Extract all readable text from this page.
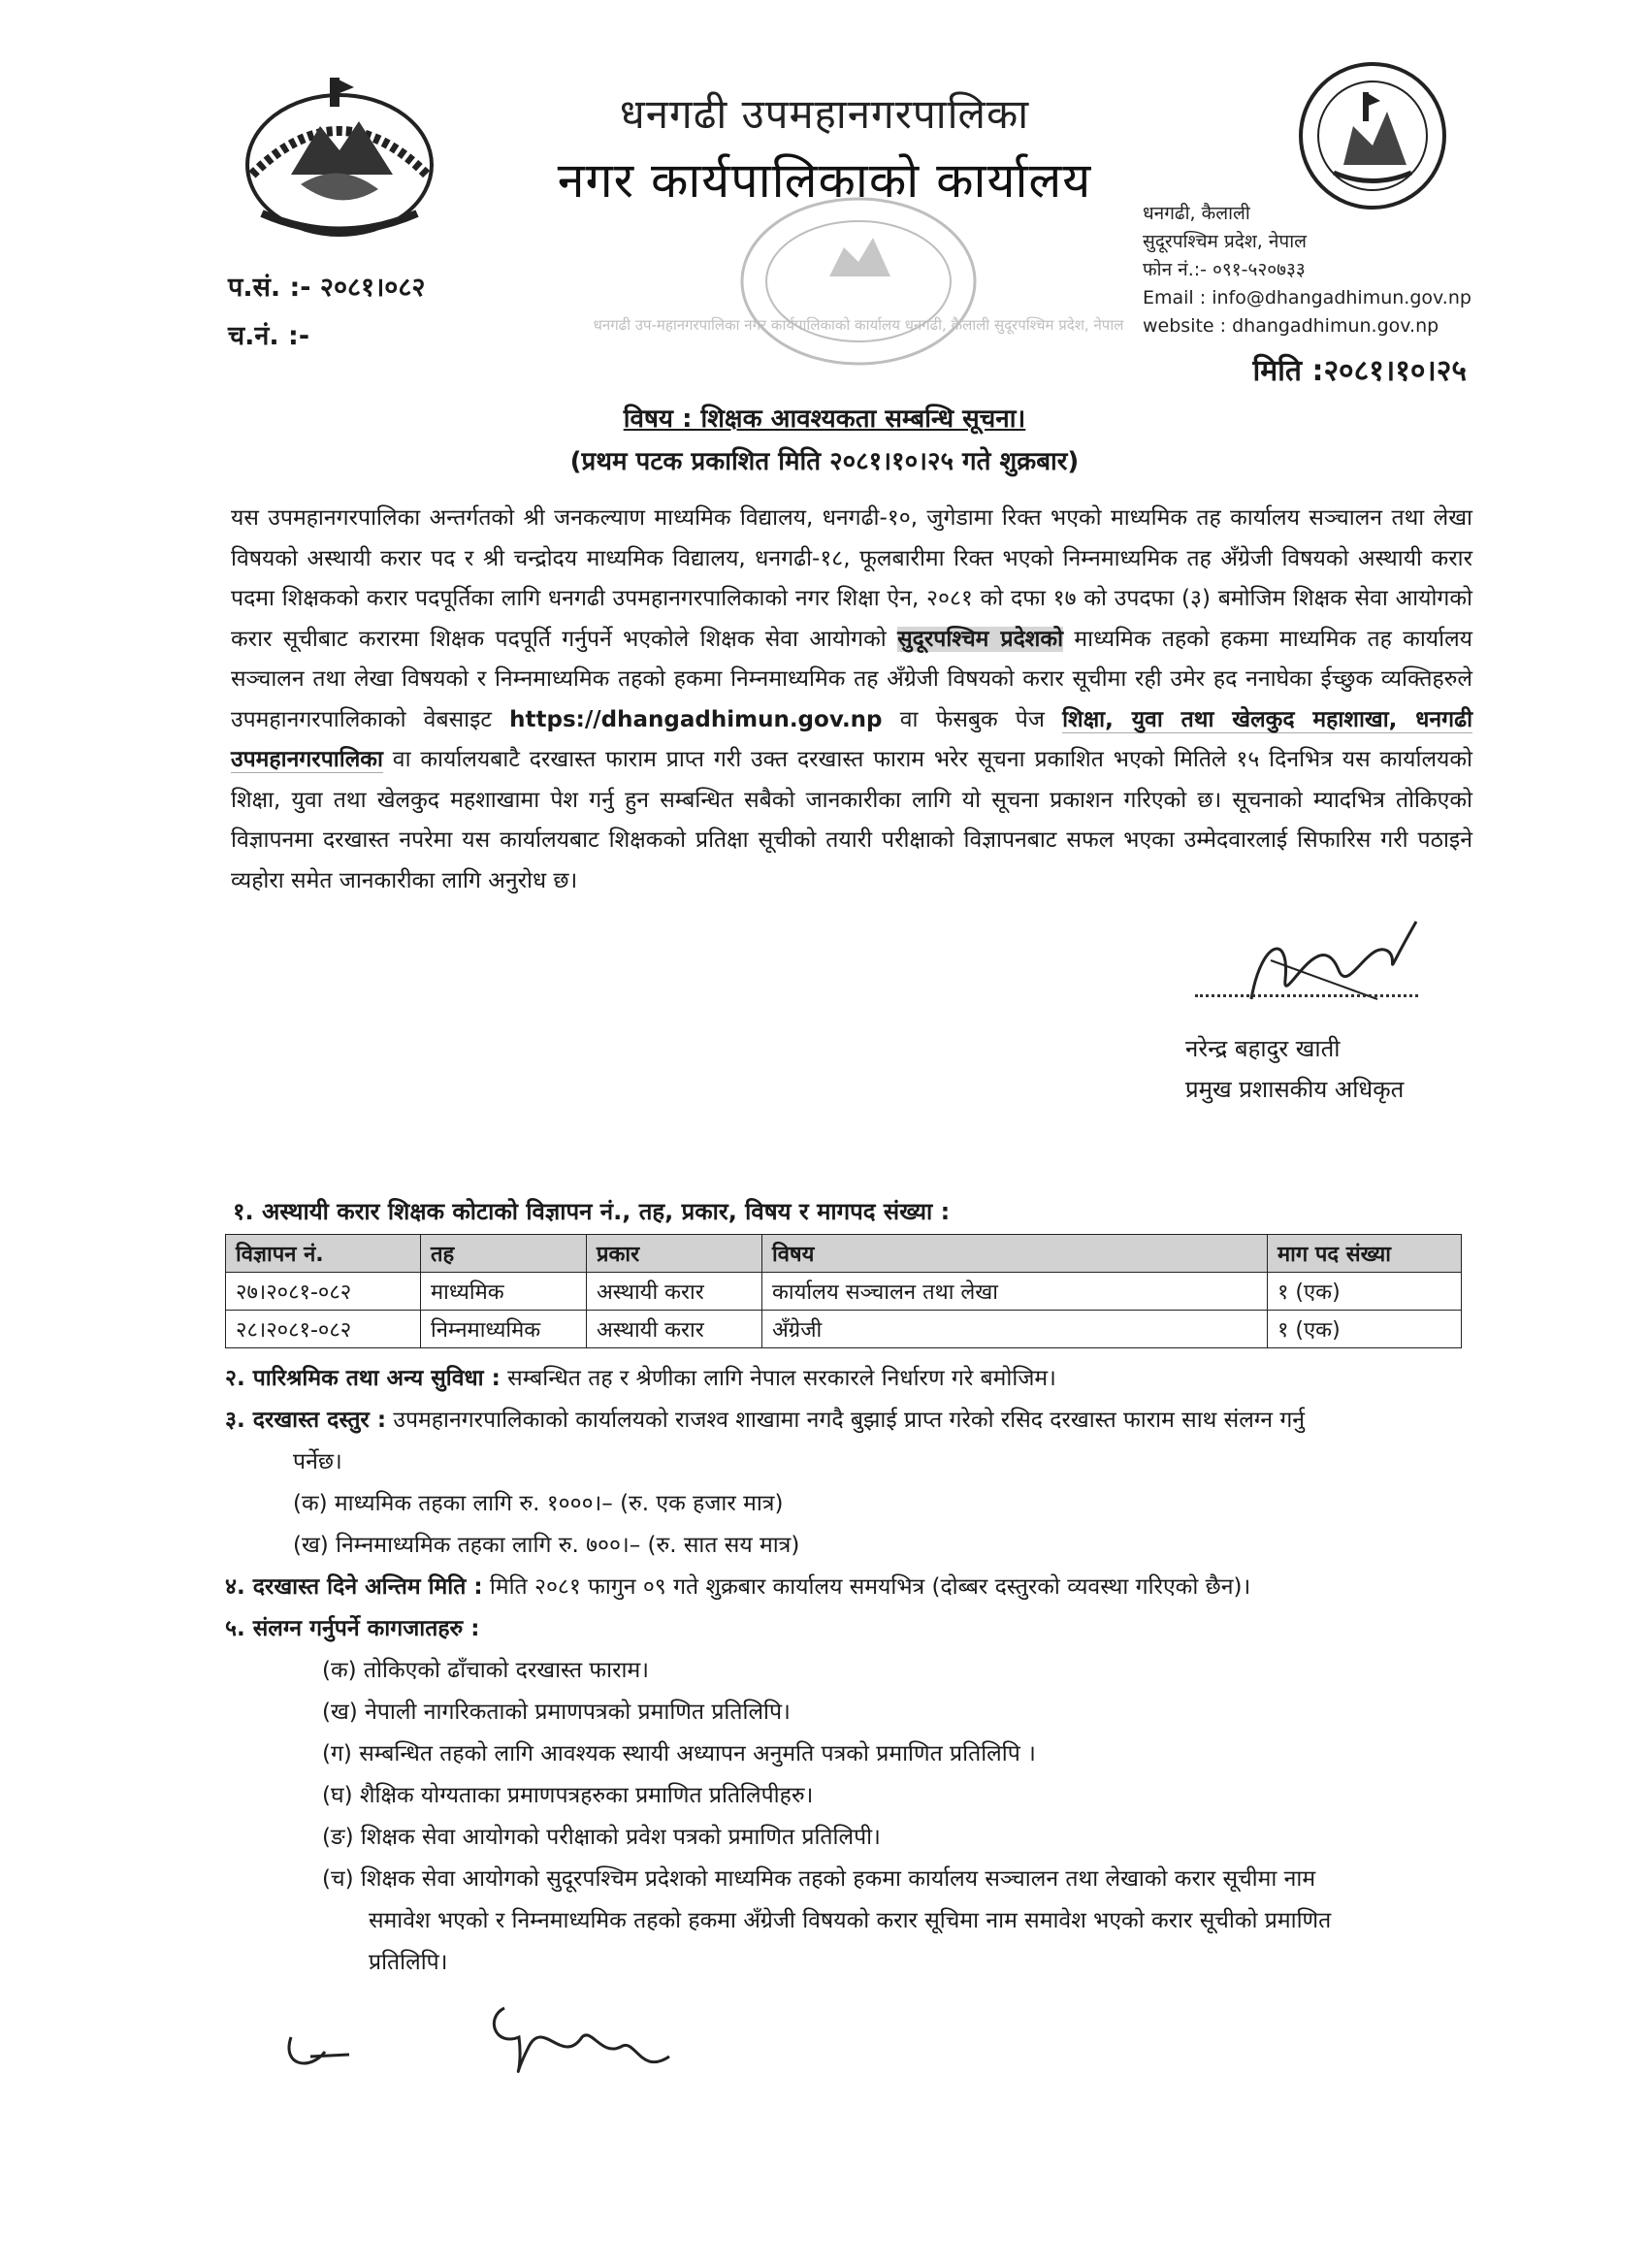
धनगढी उपमहानगरपालिका
नगर कार्यपालिकाको कार्यालय
धनगढी, कैलाली
सुदूरपश्चिम प्रदेश, नेपाल
फोन नं.:- ०९१-५२०७३३
Email : info@dhangadhimun.gov.np
website : dhangadhimun.gov.np
प.सं. :- २०८१।०८२
च.नं. :-	धनगढी उप-महानगरपालिका नगर कार्यपालिकाको कार्यालय धनगढी, कैलाली सुदूरपश्चिम प्रदेश, नेपाल
मिति :२०८१।१०।२५
विषय : शिक्षक आवश्यकता सम्बन्धि सूचना।
(प्रथम पटक प्रकाशित मिति २०८१।१०।२५ गते शुक्रबार)
यस उपमहानगरपालिका अन्तर्गतको श्री जनकल्याण माध्यमिक विद्यालय, धनगढी-१०, जुगेडामा रिक्त भएको माध्यमिक तह कार्यालय सञ्चालन तथा लेखा विषयको अस्थायी करार पद र श्री चन्द्रोदय माध्यमिक विद्यालय, धनगढी-१८, फूलबारीमा रिक्त भएको निम्नमाध्यमिक तह अँग्रेजी विषयको अस्थायी करार पदमा शिक्षकको करार पदपूर्तिका लागि धनगढी उपमहानगरपालिकाको नगर शिक्षा ऐन, २०८१ को दफा १७ को उपदफा (३) बमोजिम शिक्षक सेवा आयोगको करार सूचीबाट करारमा शिक्षक पदपूर्ति गर्नुपर्ने भएकोले शिक्षक सेवा आयोगको सुदूरपश्चिम प्रदेशको माध्यमिक तहको हकमा माध्यमिक तह कार्यालय सञ्चालन तथा लेखा विषयको र निम्नमाध्यमिक तहको हकमा निम्नमाध्यमिक तह अँग्रेजी विषयको करार सूचीमा रही उमेर हद ननाघेका ईच्छुक व्यक्तिहरुले उपमहानगरपालिकाको वेबसाइट https://dhangadhimun.gov.np वा फेसबुक पेज शिक्षा, युवा तथा खेलकुद महाशाखा, धनगढी उपमहानगरपालिका वा कार्यालयबाटै दरखास्त फाराम प्राप्त गरी उक्त दरखास्त फाराम भरेर सूचना प्रकाशित भएको मितिले १५ दिनभित्र यस कार्यालयको शिक्षा, युवा तथा खेलकुद महशाखामा पेश गर्नु हुन सम्बन्धित सबैको जानकारीका लागि यो सूचना प्रकाशन गरिएको छ। सूचनाको म्यादभित्र तोकिएको विज्ञापनमा दरखास्त नपरेमा यस कार्यालयबाट शिक्षकको प्रतिक्षा सूचीको तयारी परीक्षाको विज्ञापनबाट सफल भएका उम्मेदवारलाई सिफारिस गरी पठाइने व्यहोरा समेत जानकारीका लागि अनुरोध छ।
नरेन्द्र बहादुर खाती
प्रमुख प्रशासकीय अधिकृत
१. अस्थायी करार शिक्षक कोटाको विज्ञापन नं., तह, प्रकार, विषय र मागपद संख्या :
विज्ञापन नं.	तह	प्रकार	विषय	माग पद संख्या
२७।२०८१-०८२	माध्यमिक	अस्थायी करार	कार्यालय सञ्चालन तथा लेखा	१ (एक)
२८।२०८१-०८२	निम्नमाध्यमिक	अस्थायी करार	अँग्रेजी	१ (एक)

२. पारिश्रमिक तथा अन्य सुविधा : सम्बन्धित तह र श्रेणीका लागि नेपाल सरकारले निर्धारण गरे बमोजिम।

३. दरखास्त दस्तुर : उपमहानगरपालिकाको कार्यालयको राजश्व शाखामा नगदै बुझाई प्राप्त गरेको रसिद दरखास्त फाराम साथ संलग्न गर्नु

पर्नेछ।

(क) माध्यमिक तहका लागि रु. १०००।– (रु. एक हजार मात्र)

(ख) निम्नमाध्यमिक तहका लागि रु. ७००।– (रु. सात सय मात्र)

४. दरखास्त दिने अन्तिम मिति : मिति २०८१ फागुन ०९ गते शुक्रबार कार्यालय समयभित्र (दोब्बर दस्तुरको व्यवस्था गरिएको छैन)।

५. संलग्न गर्नुपर्ने कागजातहरु :

(क) तोकिएको ढाँचाको दरखास्त फाराम।

(ख) नेपाली नागरिकताको प्रमाणपत्रको प्रमाणित प्रतिलिपि।

(ग) सम्बन्धित तहको लागि आवश्यक स्थायी अध्यापन अनुमति पत्रको प्रमाणित प्रतिलिपि ।

(घ) शैक्षिक योग्यताका प्रमाणपत्रहरुका प्रमाणित प्रतिलिपीहरु।

(ङ) शिक्षक सेवा आयोगको परीक्षाको प्रवेश पत्रको प्रमाणित प्रतिलिपी।

(च) शिक्षक सेवा आयोगको सुदूरपश्चिम प्रदेशको माध्यमिक तहको हकमा कार्यालय सञ्चालन तथा लेखाको करार सूचीमा नाम

समावेश भएको र निम्नमाध्यमिक तहको हकमा अँग्रेजी विषयको करार सूचिमा नाम समावेश भएको करार सूचीको प्रमाणित

प्रतिलिपि।
